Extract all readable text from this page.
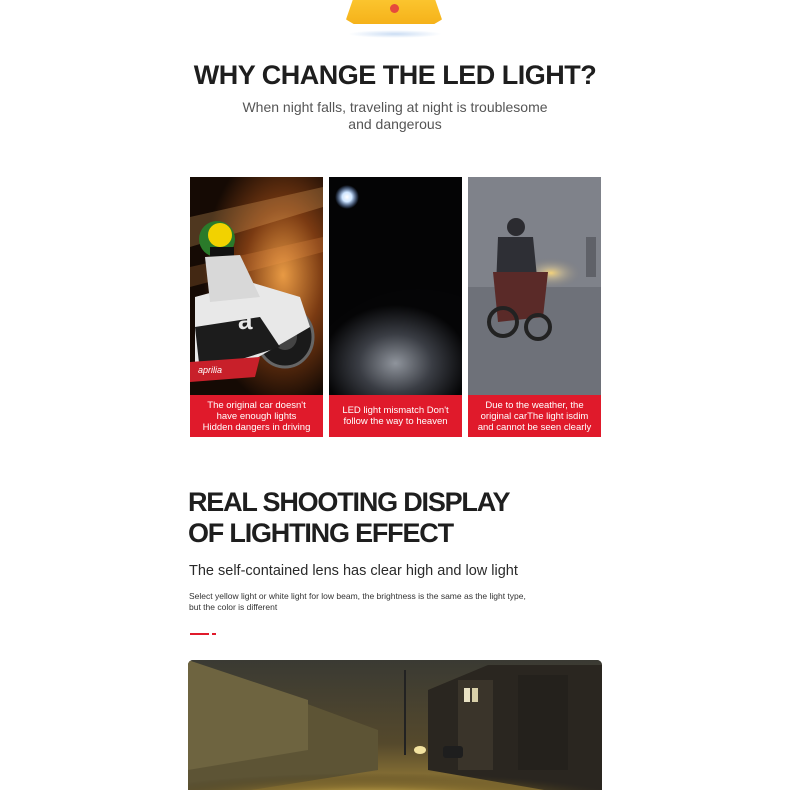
WHY CHANGE THE LED LIGHT?
When night falls, traveling at night is troublesome and dangerous
a
aprilia
The original car doesn't
have enough lights
Hidden dangers in driving
LED light mismatch Don't
follow the way to heaven
Due to the weather, the
original carThe light isdim
and cannot be seen clearly
REAL SHOOTING DISPLAY OF LIGHTING EFFECT
The self-contained lens has clear high and low light
Select yellow light or white light for low beam, the brightness is the same as the light type, but the color is different
